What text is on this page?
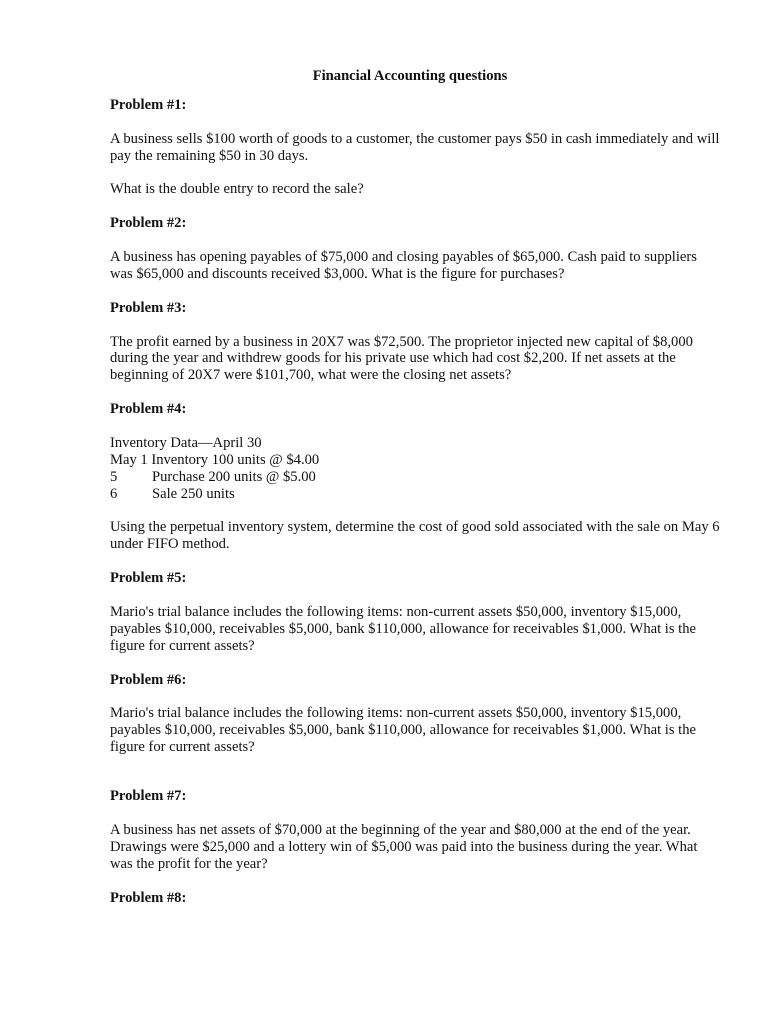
Financial Accounting questions
Problem #1:
A business sells $100 worth of goods to a customer, the customer pays $50 in cash immediately and will pay the remaining $50 in 30 days.
What is the double entry to record the sale?
Problem #2:
A business has opening payables of $75,000 and closing payables of $65,000. Cash paid to suppliers was $65,000 and discounts received $3,000. What is the figure for purchases?
Problem #3:
The profit earned by a business in 20X7 was $72,500. The proprietor injected new capital of $8,000 during the year and withdrew goods for his private use which had cost $2,200. If net assets at the beginning of 20X7 were $101,700, what were the closing net assets?
Problem #4:
Inventory Data—April 30
May 1 Inventory 100 units @ $4.00
5	Purchase 200 units @ $5.00
6	Sale 250 units
Using the perpetual inventory system, determine the cost of good sold associated with the sale on May 6 under FIFO method.
Problem #5:
Mario's trial balance includes the following items: non-current assets $50,000, inventory $15,000, payables $10,000, receivables $5,000, bank $110,000, allowance for receivables $1,000. What is the figure for current assets?
Problem #6:
Mario's trial balance includes the following items: non-current assets $50,000, inventory $15,000, payables $10,000, receivables $5,000, bank $110,000, allowance for receivables $1,000. What is the figure for current assets?
Problem #7:
A business has net assets of $70,000 at the beginning of the year and $80,000 at the end of the year. Drawings were $25,000 and a lottery win of $5,000 was paid into the business during the year. What was the profit for the year?
Problem #8:
